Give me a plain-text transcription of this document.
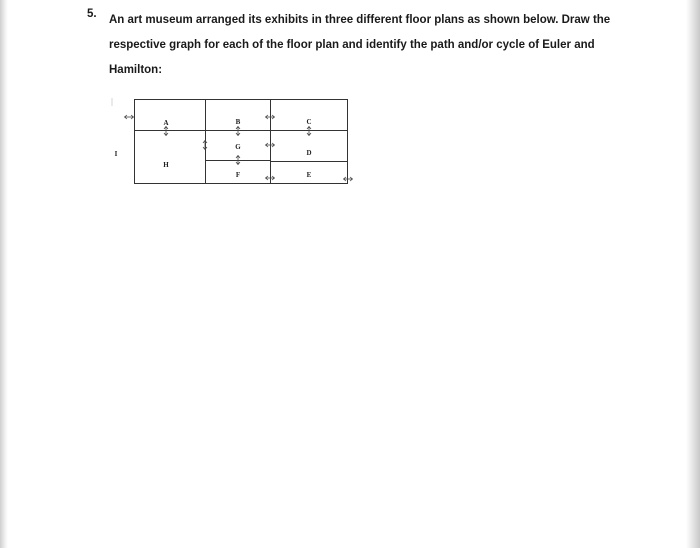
5. An art museum arranged its exhibits in three different floor plans as shown below. Draw the
respective graph for each of the floor plan and identify the path and/or cycle of Euler and
Hamilton:
A	B	C
D
E
F
G
H
I
